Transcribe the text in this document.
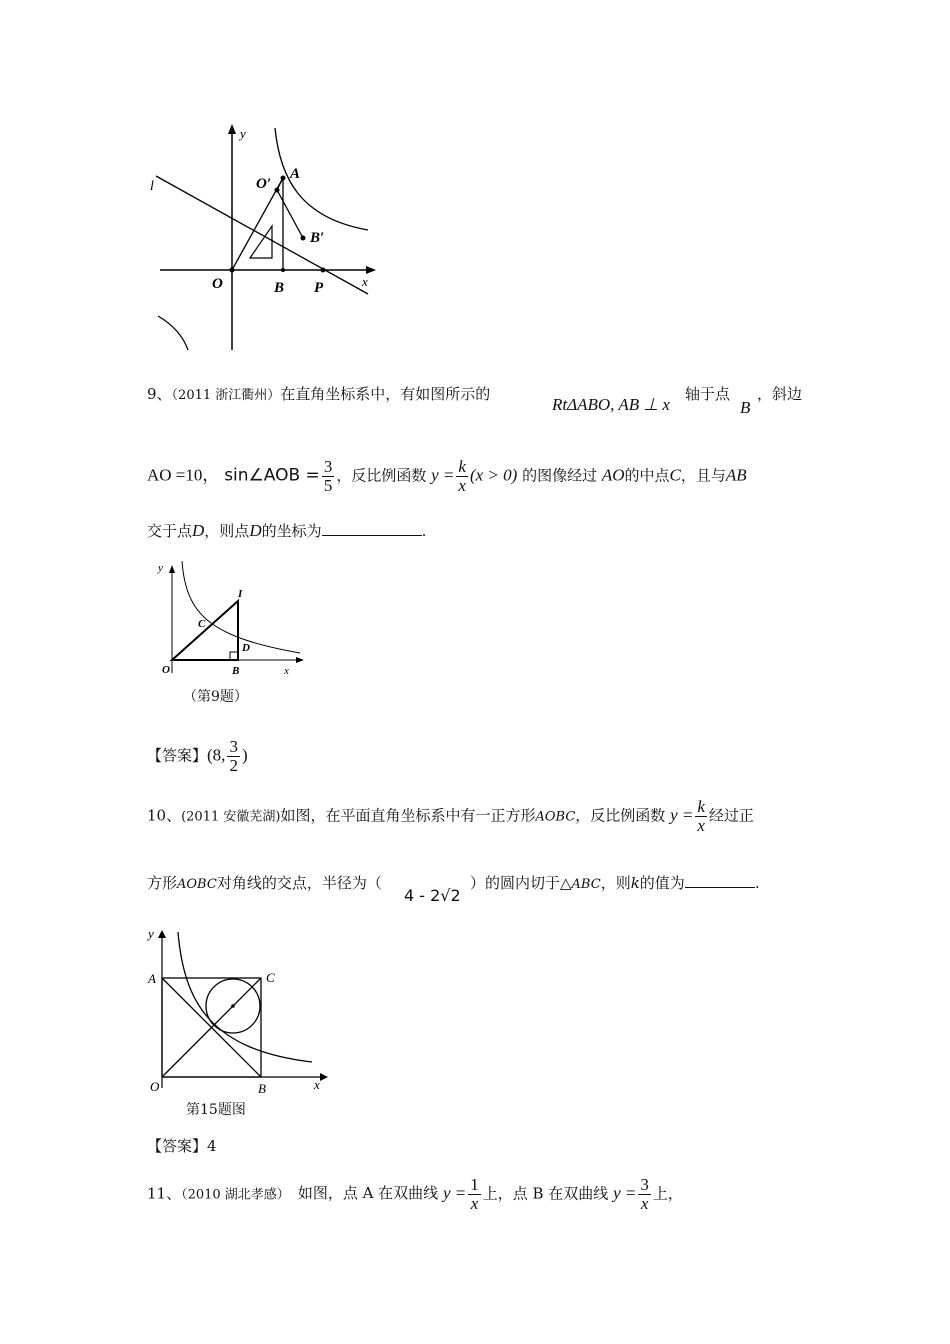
y
x
l
O	B P
A
O′
B′
9、（2011 浙江衢州）在直角坐标系中，有如图所示的
RtΔABO, AB ⊥ x
轴于点
B
，斜边
AO =10， sin∠AOB = $\frac{3}{5}$ ，反比例函数 $y = \frac{k}{x} (x > 0)$ 的图像经过 AO的中点C，且与AB
交于点D，则点D的坐标为	.
y
x
O	B
C
D
I
（第9题）
【答案】(8, $\frac{3}{2}$ )
10、(2011 安徽芜湖)如图，在平面直角坐标系中有一正方形AOBC，反比例函数 $y = \frac{k}{x}$ 经过正
方形AOBC对角线的交点，半径为（
4 - 2√2
）的圆内切于△ABC，则k的值为	.
y
x
O
A
B
C
第15题图
【答案】4
11、（2010 湖北孝感） 如图，点 A 在双曲线 $y = \frac{1}{x}$ 上，点 B 在双曲线 $y = \frac{3}{x}$ 上，
